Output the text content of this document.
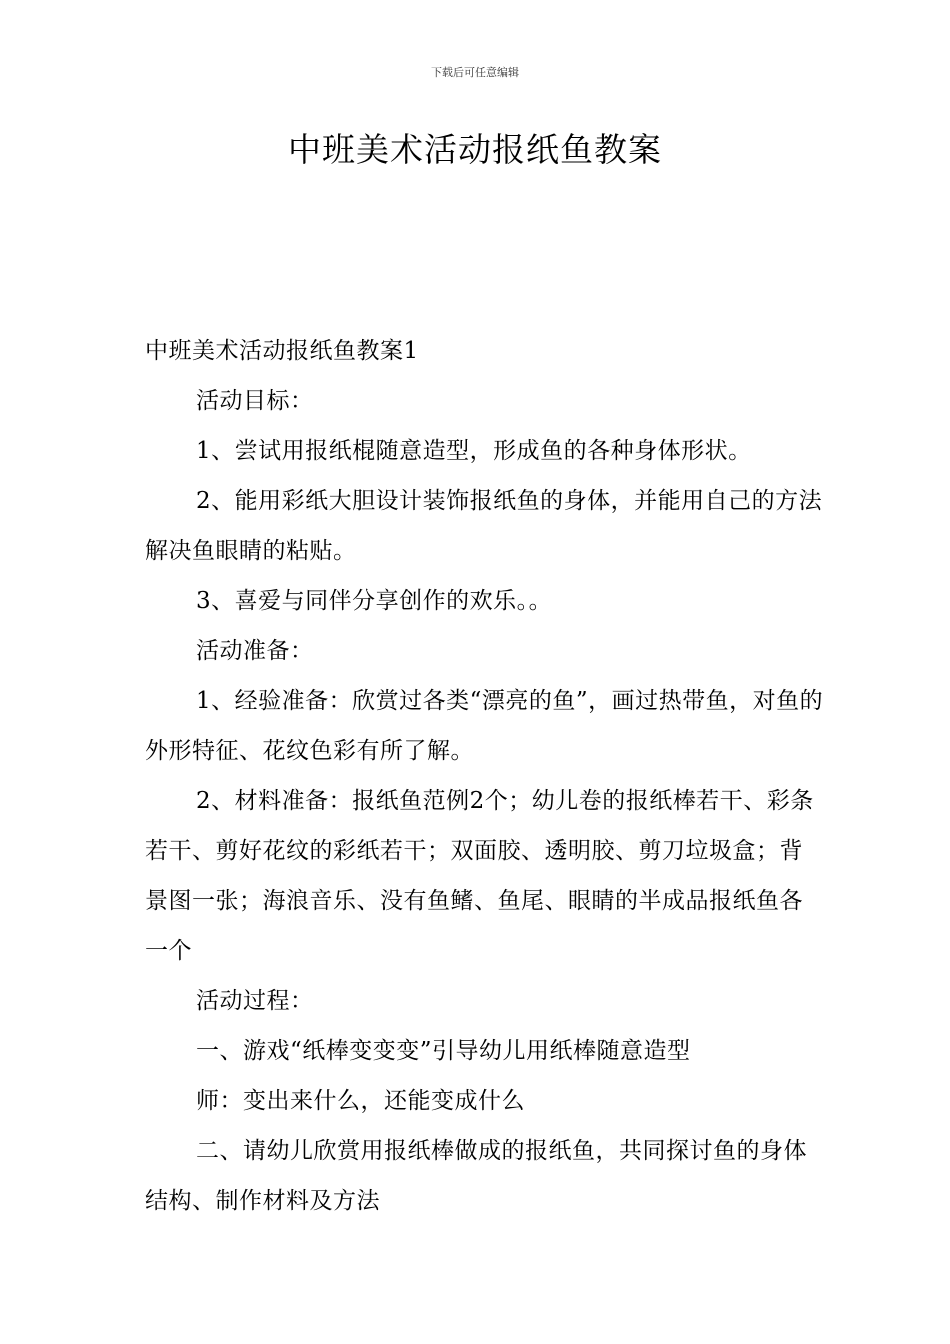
下载后可任意编辑
中班美术活动报纸鱼教案

中班美术活动报纸鱼教案1

活动目标：

1、尝试用报纸棍随意造型，形成鱼的各种身体形状。

2、能用彩纸大胆设计装饰报纸鱼的身体，并能用自己的方法解决鱼眼睛的粘贴。

3、喜爱与同伴分享创作的欢乐。。

活动准备：

1、经验准备：欣赏过各类“漂亮的鱼”，画过热带鱼，对鱼的外形特征、花纹色彩有所了解。

2、材料准备：报纸鱼范例2个；幼儿卷的报纸棒若干、彩条若干、剪好花纹的彩纸若干；双面胶、透明胶、剪刀垃圾盒；背景图一张；海浪音乐、没有鱼鳍、鱼尾、眼睛的半成品报纸鱼各一个

活动过程：

一、游戏“纸棒变变变”引导幼儿用纸棒随意造型

师：变出来什么，还能变成什么

二、请幼儿欣赏用报纸棒做成的报纸鱼，共同探讨鱼的身体结构、制作材料及方法
